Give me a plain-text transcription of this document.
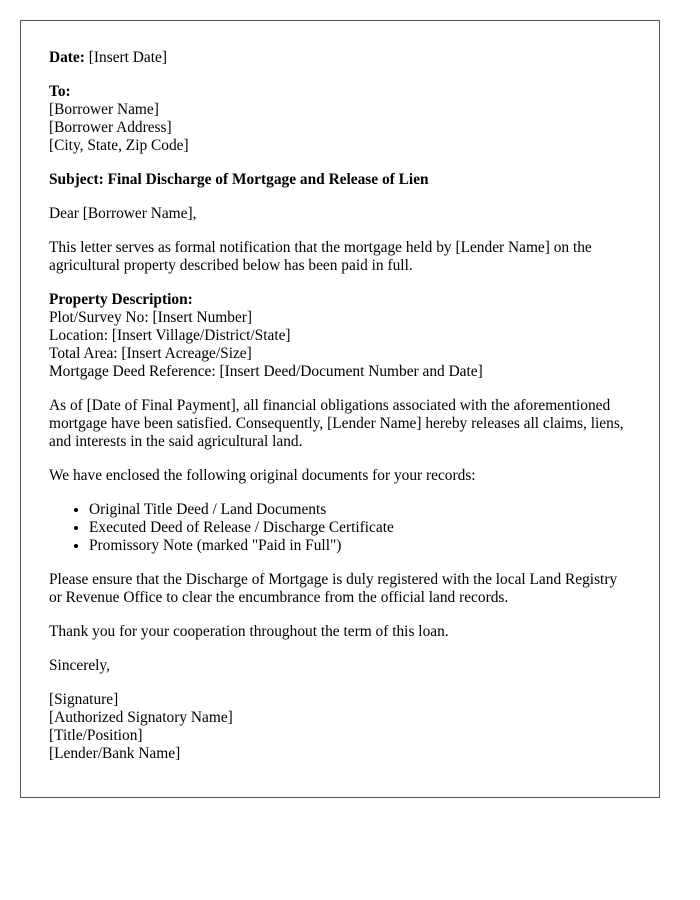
Date: [Insert Date]

To:
[Borrower Name]
[Borrower Address]
[City, State, Zip Code]

Subject: Final Discharge of Mortgage and Release of Lien

Dear [Borrower Name],

This letter serves as formal notification that the mortgage held by [Lender Name] on the agricultural property described below has been paid in full.

Property Description:
Plot/Survey No: [Insert Number]
Location: [Insert Village/District/State]
Total Area: [Insert Acreage/Size]
Mortgage Deed Reference: [Insert Deed/Document Number and Date]

As of [Date of Final Payment], all financial obligations associated with the aforementioned mortgage have been satisfied. Consequently, [Lender Name] hereby releases all claims, liens, and interests in the said agricultural land.

We have enclosed the following original documents for your records:

• Original Title Deed / Land Documents
• Executed Deed of Release / Discharge Certificate
• Promissory Note (marked "Paid in Full")

Please ensure that the Discharge of Mortgage is duly registered with the local Land Registry or Revenue Office to clear the encumbrance from the official land records.

Thank you for your cooperation throughout the term of this loan.

Sincerely,

[Signature]
[Authorized Signatory Name]
[Title/Position]
[Lender/Bank Name]
